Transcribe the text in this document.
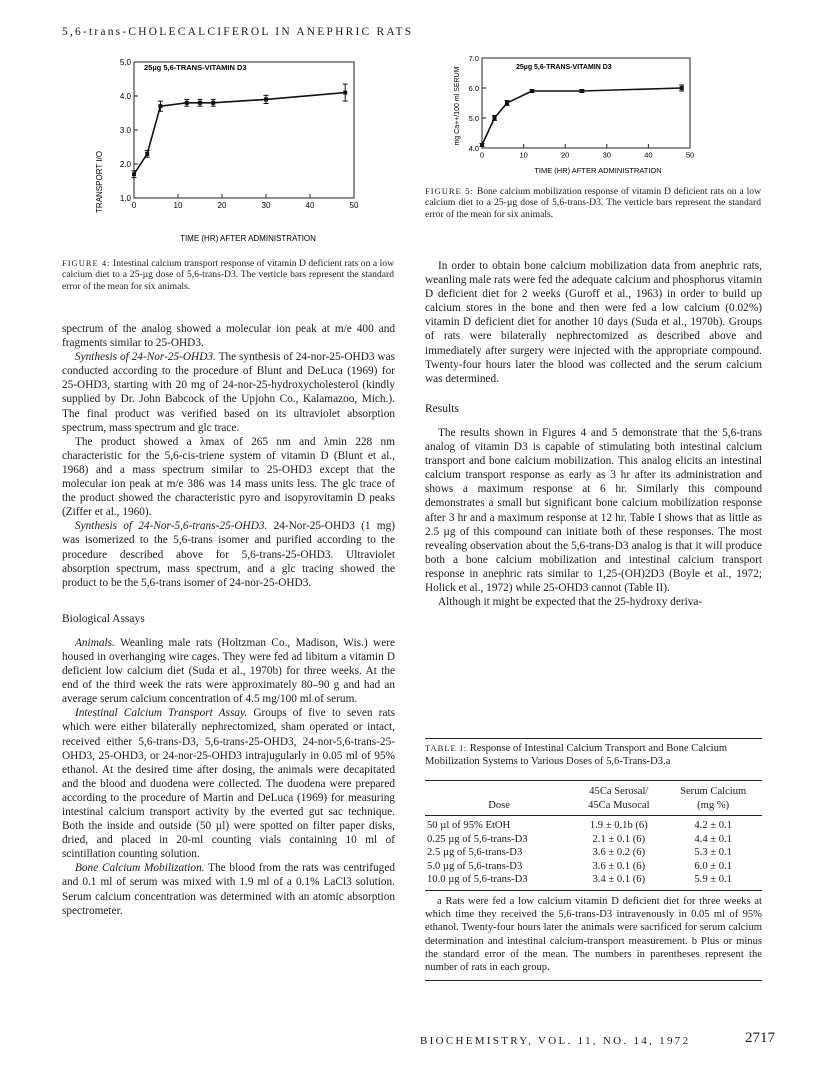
5,6-trans-CHOLECALCIFEROL IN ANEPHRIC RATS
0	10	20	30	40	50
1.0
2.0
3.0
4.0
5.0
25µg 5,6-TRANS-VITAMIN D3
TRANSPORT I/O
TIME (HR) AFTER ADMINISTRATION
FIGURE 4: Intestinal calcium transport response of vitamin D deficient rats on a low calcium diet to a 25-µg dose of 5,6-trans-D3. The verticle bars represent the standard error of the mean for six animals.
0	10	20	30	40	50
4.0
5.0
6.0
7.0
25µg 5,6-TRANS-VITAMIN D3
mg Ca++/100 ml SERUM
TIME (HR) AFTER ADMINISTRATION
FIGURE 5: Bone calcium mobilization response of vitamin D deficient rats on a low calcium diet to a 25-µg dose of 5,6-trans-D3. The verticle bars represent the standard error of the mean for six animals.

spectrum of the analog showed a molecular ion peak at m/e 400 and fragments similar to 25-OHD3.

Synthesis of 24-Nor-25-OHD3. The synthesis of 24-nor-25-OHD3 was conducted according to the procedure of Blunt and DeLuca (1969) for 25-OHD3, starting with 20 mg of 24-nor-25-hydroxycholesterol (kindly supplied by Dr. John Babcock of the Upjohn Co., Kalamazoo, Mich.). The final product was verified based on its ultraviolet absorption spectrum, mass spectrum and glc trace.

The product showed a λmax of 265 nm and λmin 228 nm characteristic for the 5,6-cis-triene system of vitamin D (Blunt et al., 1968) and a mass spectrum similar to 25-OHD3 except that the molecular ion peak at m/e 386 was 14 mass units less. The glc trace of the product showed the characteristic pyro and isopyrovitamin D peaks (Ziffer et al., 1960).

Synthesis of 24-Nor-5,6-trans-25-OHD3. 24-Nor-25-OHD3 (1 mg) was isomerized to the 5,6-trans isomer and purified according to the procedure described above for 5,6-trans-25-OHD3. Ultraviolet absorption spectrum, mass spectrum, and a glc tracing showed the product to be the 5,6-trans isomer of 24-nor-25-OHD3.

Biological Assays

Animals. Weanling male rats (Holtzman Co., Madison, Wis.) were housed in overhanging wire cages. They were fed ad libitum a vitamin D deficient low calcium diet (Suda et al., 1970b) for three weeks. At the end of the third week the rats were approximately 80–90 g and had an average serum calcium concentration of 4.5 mg/100 ml of serum.

Intestinal Calcium Transport Assay. Groups of five to seven rats which were either bilaterally nephrectomized, sham operated or intact, received either 5,6-trans-D3, 5,6-trans-25-OHD3, 24-nor-5,6-trans-25-OHD3, 25-OHD3, or 24-nor-25-OHD3 intrajugularly in 0.05 ml of 95% ethanol. At the desired time after dosing, the animals were decapitated and the blood and duodena were collected. The duodena were prepared according to the procedure of Martin and DeLuca (1969) for measuring intestinal calcium transport activity by the everted gut sac technique. Both the inside and outside (50 µl) were spotted on filter paper disks, dried, and placed in 20-ml counting vials containing 10 ml of scintillation counting solution.

Bone Calcium Mobilization. The blood from the rats was centrifuged and 0.1 ml of serum was mixed with 1.9 ml of a 0.1% LaCl3 solution. Serum calcium concentration was determined with an atomic absorption spectrometer.

In order to obtain bone calcium mobilization data from anephric rats, weanling male rats were fed the adequate calcium and phosphorus vitamin D deficient diet for 2 weeks (Guroff et al., 1963) in order to build up calcium stores in the bone and then were fed a low calcium (0.02%) vitamin D deficient diet for another 10 days (Suda et al., 1970b). Groups of rats were bilaterally nephrectomized as described above and immediately after surgery were injected with the appropriate compound. Twenty-four hours later the blood was collected and the serum calcium was determined.

Results

The results shown in Figures 4 and 5 demonstrate that the 5,6-trans analog of vitamin D3 is capable of stimulating both intestinal calcium transport and bone calcium mobilization. This analog elicits an intestinal calcium transport response as early as 3 hr after its administration and shows a maximum response at 6 hr. Similarly this compound demonstrates a small but significant bone calcium mobilization response after 3 hr and a maximum response at 12 hr. Table I shows that as little as 2.5 µg of this compound can initiate both of these responses. The most revealing observation about the 5,6-trans-D3 analog is that it will produce both a bone calcium mobilization and intestinal calcium transport response in anephric rats similar to 1,25-(OH)2D3 (Boyle et al., 1972; Holick et al., 1972) while 25-OHD3 cannot (Table II).

Although it might be expected that the 25-hydroxy deriva-

TABLE I: Response of Intestinal Calcium Transport and Bone Calcium Mobilization Systems to Various Doses of 5,6-Trans-D3.a
	45Ca Serosal/	Serum Calcium
Dose	45Ca Musocal	(mg %)

50 µl of 95% EtOH	1.9 ± 0.1b (6)	4.2 ± 0.1
0.25 µg of 5,6-trans-D3	2.1 ± 0.1 (6)	4.4 ± 0.1
2.5 µg of 5,6-trans-D3	3.6 ± 0.2 (6)	5.3 ± 0.1
5.0 µg of 5,6-trans-D3	3.6 ± 0.1 (6)	6.0 ± 0.1
10.0 µg of 5,6-trans-D3	3.4 ± 0.1 (6)	5.9 ± 0.1
a Rats were fed a low calcium vitamin D deficient diet for three weeks at which time they received the 5,6-trans-D3 intravenously in 0.05 ml of 95% ethanol. Twenty-four hours later the animals were sacrificed for serum calcium determination and intestinal calcium-transport measurement. b Plus or minus the standard error of the mean. The numbers in parentheses represent the number of rats in each group.
BIOCHEMISTRY, VOL. 11, NO. 14, 1972	2717
